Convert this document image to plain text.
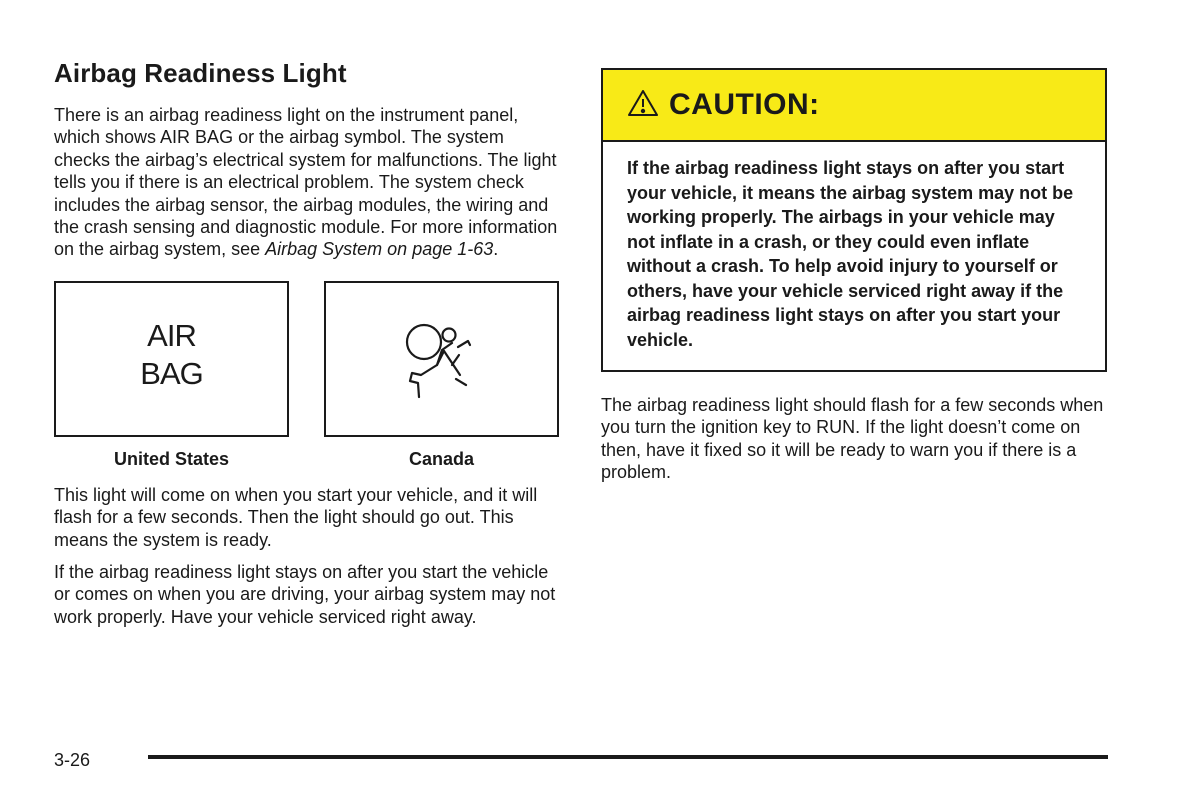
Airbag Readiness Light

There is an airbag readiness light on the instrument panel, which shows AIR BAG or the airbag symbol. The system checks the airbag’s electrical system for malfunctions. The light tells you if there is an electrical problem. The system check includes the airbag sensor, the airbag modules, the wiring and the crash sensing and diagnostic module. For more information on the airbag system, see Airbag System on page 1-63.

AIR
BAG
United States	Canada

This light will come on when you start your vehicle, and it will flash for a few seconds. Then the light should go out. This means the system is ready.

If the airbag readiness light stays on after you start the vehicle or comes on when you are driving, your airbag system may not work properly. Have your vehicle serviced right away.

CAUTION:
If the airbag readiness light stays on after you start your vehicle, it means the airbag system may not be working properly. The airbags in your vehicle may not inflate in a crash, or they could even inflate without a crash. To help avoid injury to yourself or others, have your vehicle serviced right away if the airbag readiness light stays on after you start your vehicle.

The airbag readiness light should flash for a few seconds when you turn the ignition key to RUN. If the light doesn’t come on then, have it fixed so it will be ready to warn you if there is a problem.

3-26
